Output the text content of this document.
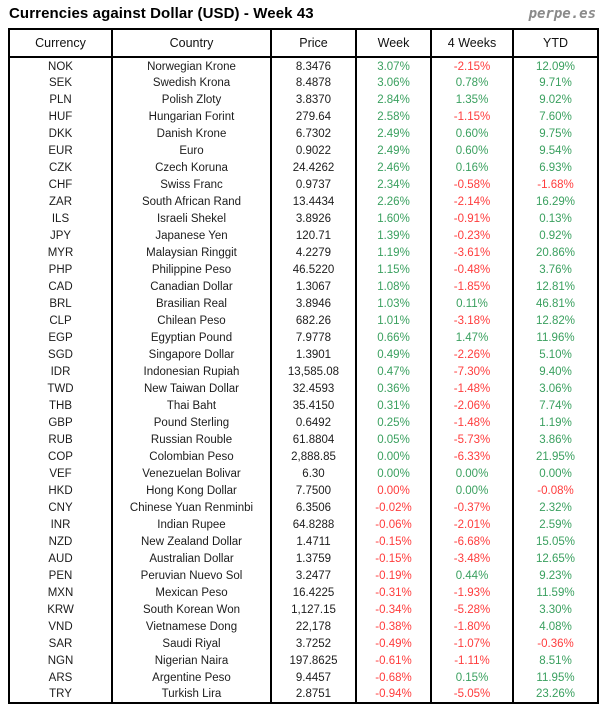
Currencies against Dollar (USD) - Week 43	perpe.es
Currency	Country	Price	Week	4 Weeks	YTD
NOK	Norwegian Krone	8.3476	3.07%	-2.15%	12.09%
SEK	Swedish Krona	8.4878	3.06%	0.78%	9.71%
PLN	Polish Zloty	3.8370	2.84%	1.35%	9.02%
HUF	Hungarian Forint	279.64	2.58%	-1.15%	7.60%
DKK	Danish Krone	6.7302	2.49%	0.60%	9.75%
EUR	Euro	0.9022	2.49%	0.60%	9.54%
CZK	Czech Koruna	24.4262	2.46%	0.16%	6.93%
CHF	Swiss Franc	0.9737	2.34%	-0.58%	-1.68%
ZAR	South African Rand	13.4434	2.26%	-2.14%	16.29%
ILS	Israeli Shekel	3.8926	1.60%	-0.91%	0.13%
JPY	Japanese Yen	120.71	1.39%	-0.23%	0.92%
MYR	Malaysian Ringgit	4.2279	1.19%	-3.61%	20.86%
PHP	Philippine Peso	46.5220	1.15%	-0.48%	3.76%
CAD	Canadian Dollar	1.3067	1.08%	-1.85%	12.81%
BRL	Brasilian Real	3.8946	1.03%	0.11%	46.81%
CLP	Chilean Peso	682.26	1.01%	-3.18%	12.82%
EGP	Egyptian Pound	7.9778	0.66%	1.47%	11.96%
SGD	Singapore Dollar	1.3901	0.49%	-2.26%	5.10%
IDR	Indonesian Rupiah	13,585.08	0.47%	-7.30%	9.40%
TWD	New Taiwan Dollar	32.4593	0.36%	-1.48%	3.06%
THB	Thai Baht	35.4150	0.31%	-2.06%	7.74%
GBP	Pound Sterling	0.6492	0.25%	-1.48%	1.19%
RUB	Russian Rouble	61.8804	0.05%	-5.73%	3.86%
COP	Colombian Peso	2,888.85	0.00%	-6.33%	21.95%
VEF	Venezuelan Bolivar	6.30	0.00%	0.00%	0.00%
HKD	Hong Kong Dollar	7.7500	0.00%	0.00%	-0.08%
CNY	Chinese Yuan Renminbi	6.3506	-0.02%	-0.37%	2.32%
INR	Indian Rupee	64.8288	-0.06%	-2.01%	2.59%
NZD	New Zealand Dollar	1.4711	-0.15%	-6.68%	15.05%
AUD	Australian Dollar	1.3759	-0.15%	-3.48%	12.65%
PEN	Peruvian Nuevo Sol	3.2477	-0.19%	0.44%	9.23%
MXN	Mexican Peso	16.4225	-0.31%	-1.93%	11.59%
KRW	South Korean Won	1,127.15	-0.34%	-5.28%	3.30%
VND	Vietnamese Dong	22,178	-0.38%	-1.80%	4.08%
SAR	Saudi Riyal	3.7252	-0.49%	-1.07%	-0.36%
NGN	Nigerian Naira	197.8625	-0.61%	-1.11%	8.51%
ARS	Argentine Peso	9.4457	-0.68%	0.15%	11.95%
TRY	Turkish Lira	2.8751	-0.94%	-5.05%	23.26%
